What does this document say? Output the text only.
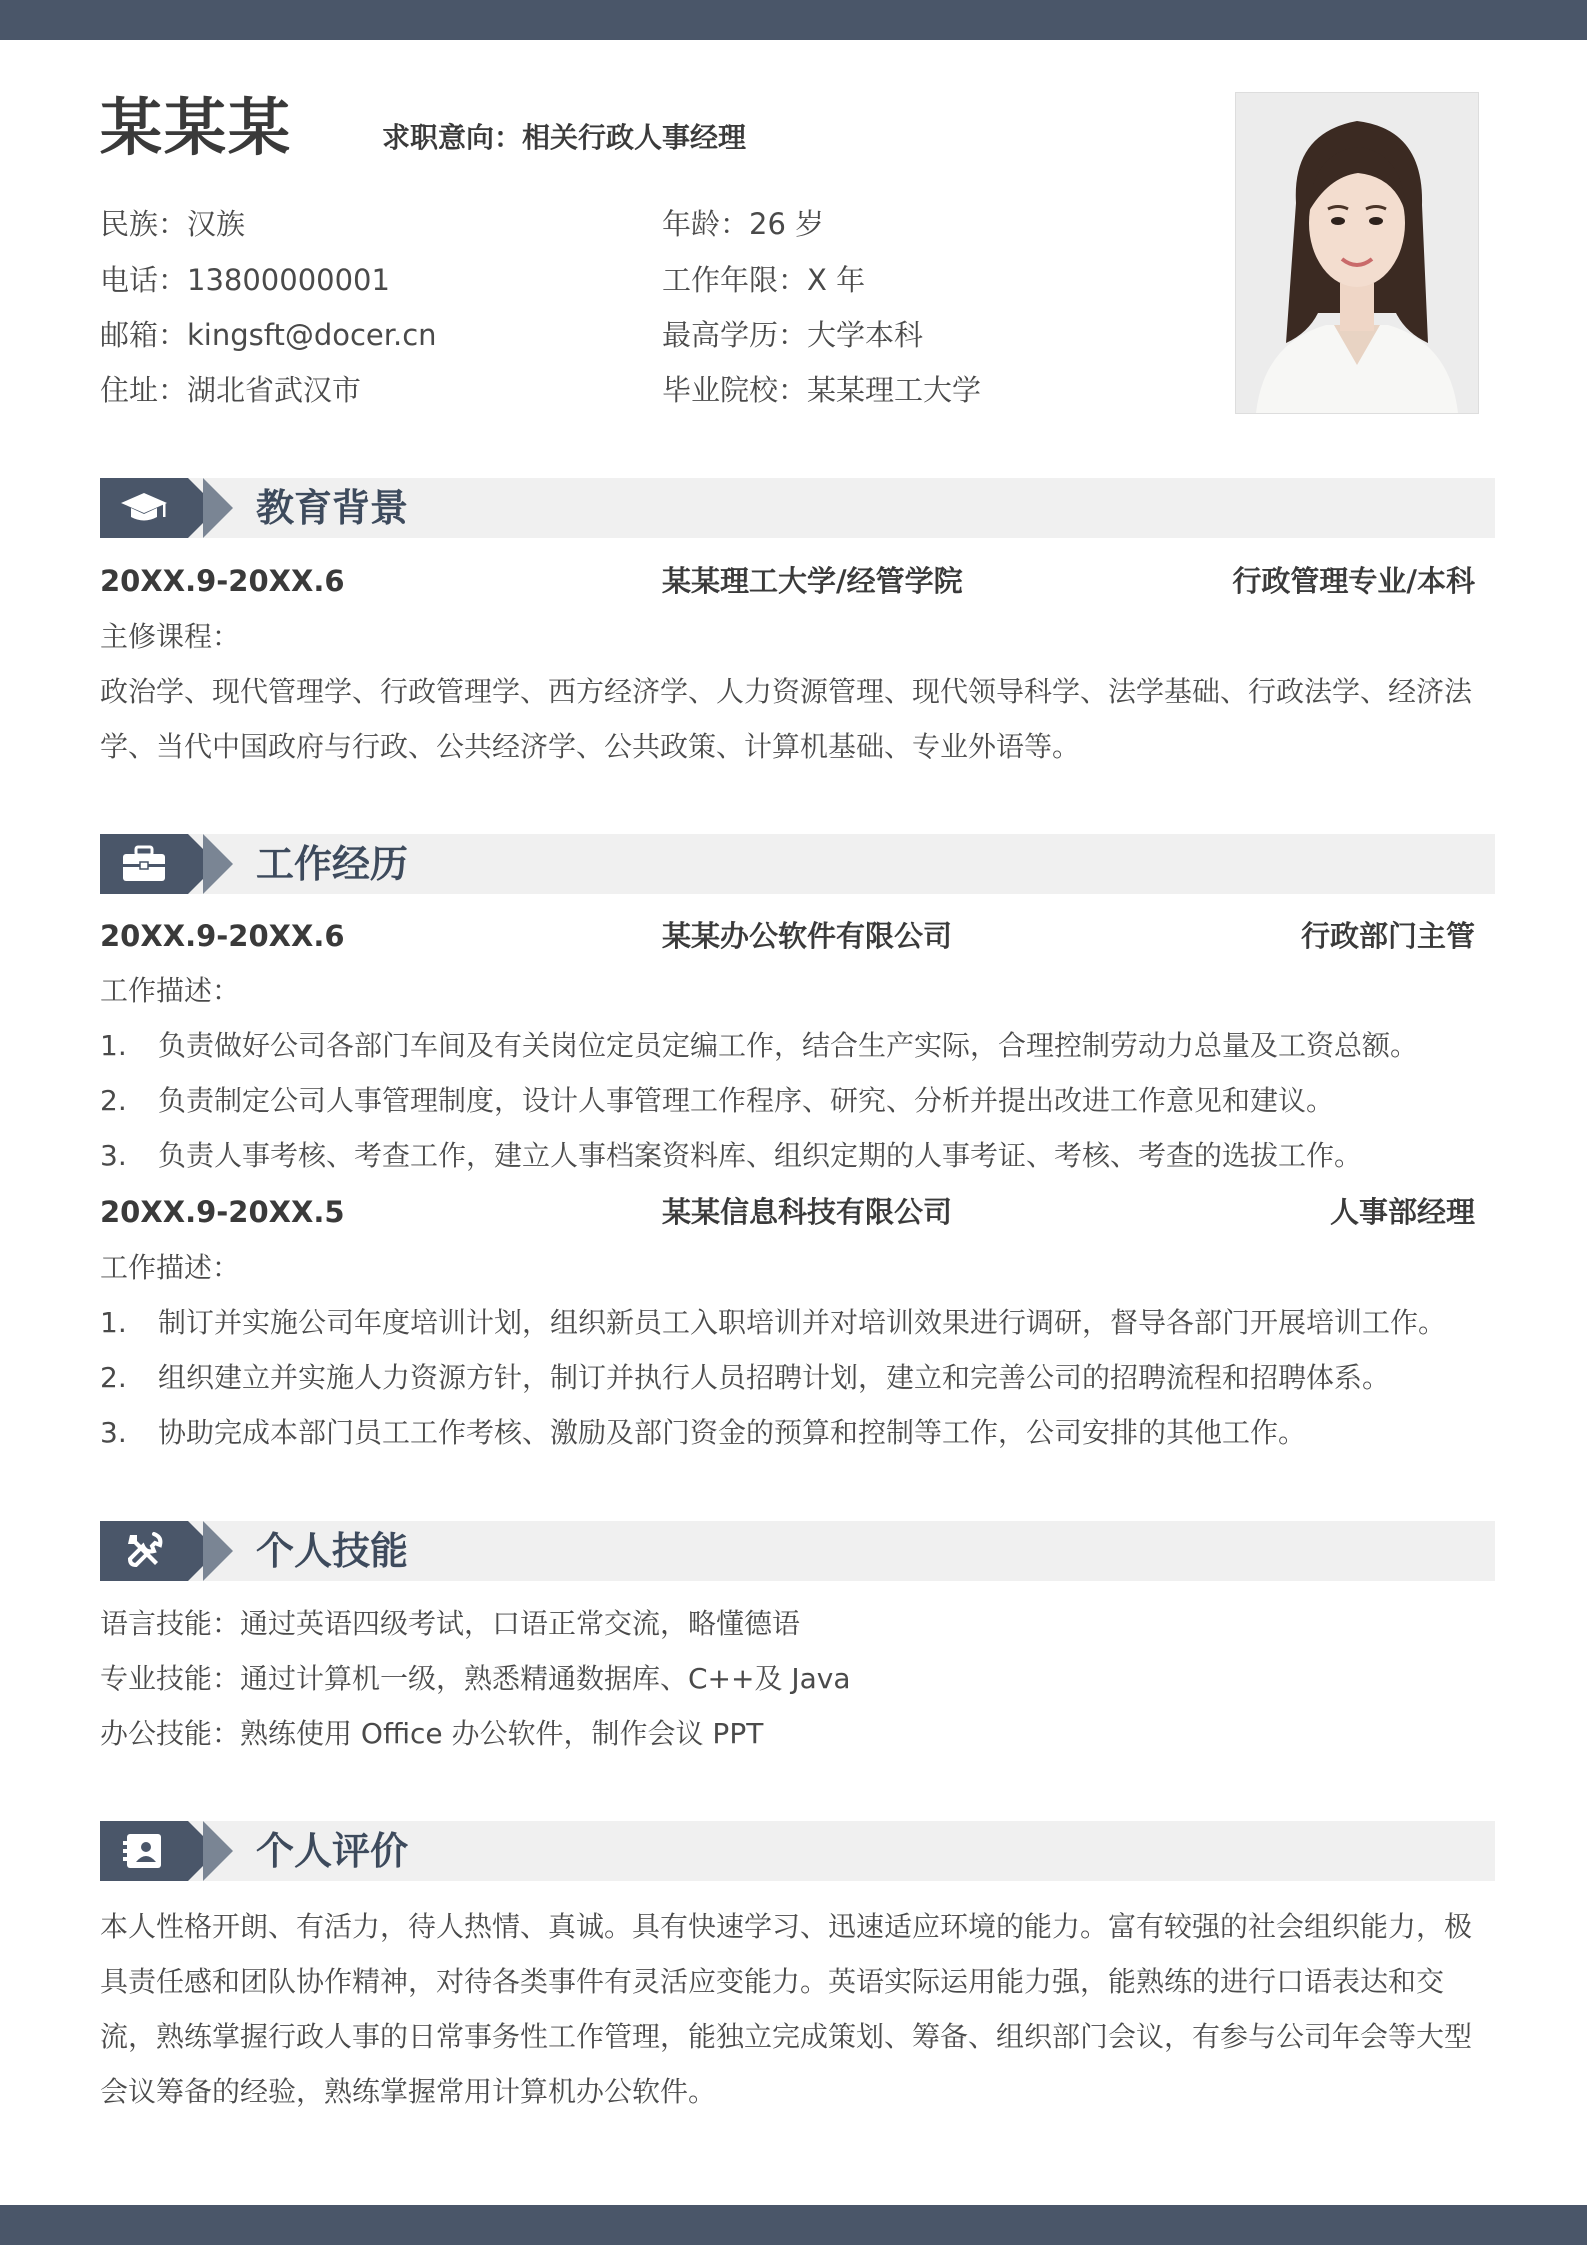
某某某	求职意向：相关行政人事经理
民族：汉族
电话：13800000001
邮箱：kingsft@docer.cn
住址：湖北省武汉市
年龄：26 岁
工作年限：X 年
最高学历：大学本科
毕业院校：某某理工大学
教育背景
20XX.9-20XX.6	某某理工大学/经管学院	行政管理专业/本科
主修课程：
政治学、现代管理学、行政管理学、西方经济学、人力资源管理、现代领导科学、法学基础、行政法学、经济法学、当代中国政府与行政、公共经济学、公共政策、计算机基础、专业外语等。
工作经历
20XX.9-20XX.6	某某办公软件有限公司	行政部门主管
工作描述：
1. 负责做好公司各部门车间及有关岗位定员定编工作，结合生产实际，合理控制劳动力总量及工资总额。
2. 负责制定公司人事管理制度，设计人事管理工作程序、研究、分析并提出改进工作意见和建议。
3. 负责人事考核、考查工作，建立人事档案资料库、组织定期的人事考证、考核、考查的选拔工作。
20XX.9-20XX.5	某某信息科技有限公司	人事部经理
工作描述：
1. 制订并实施公司年度培训计划，组织新员工入职培训并对培训效果进行调研，督导各部门开展培训工作。
2. 组织建立并实施人力资源方针，制订并执行人员招聘计划，建立和完善公司的招聘流程和招聘体系。
3. 协助完成本部门员工工作考核、激励及部门资金的预算和控制等工作，公司安排的其他工作。
个人技能
语言技能：通过英语四级考试，口语正常交流，略懂德语
专业技能：通过计算机一级，熟悉精通数据库、C++及 Java
办公技能：熟练使用 Office 办公软件，制作会议 PPT
个人评价
本人性格开朗、有活力，待人热情、真诚。具有快速学习、迅速适应环境的能力。富有较强的社会组织能力，极具责任感和团队协作精神，对待各类事件有灵活应变能力。英语实际运用能力强，能熟练的进行口语表达和交流，熟练掌握行政人事的日常事务性工作管理，能独立完成策划、筹备、组织部门会议，有参与公司年会等大型会议筹备的经验，熟练掌握常用计算机办公软件。
